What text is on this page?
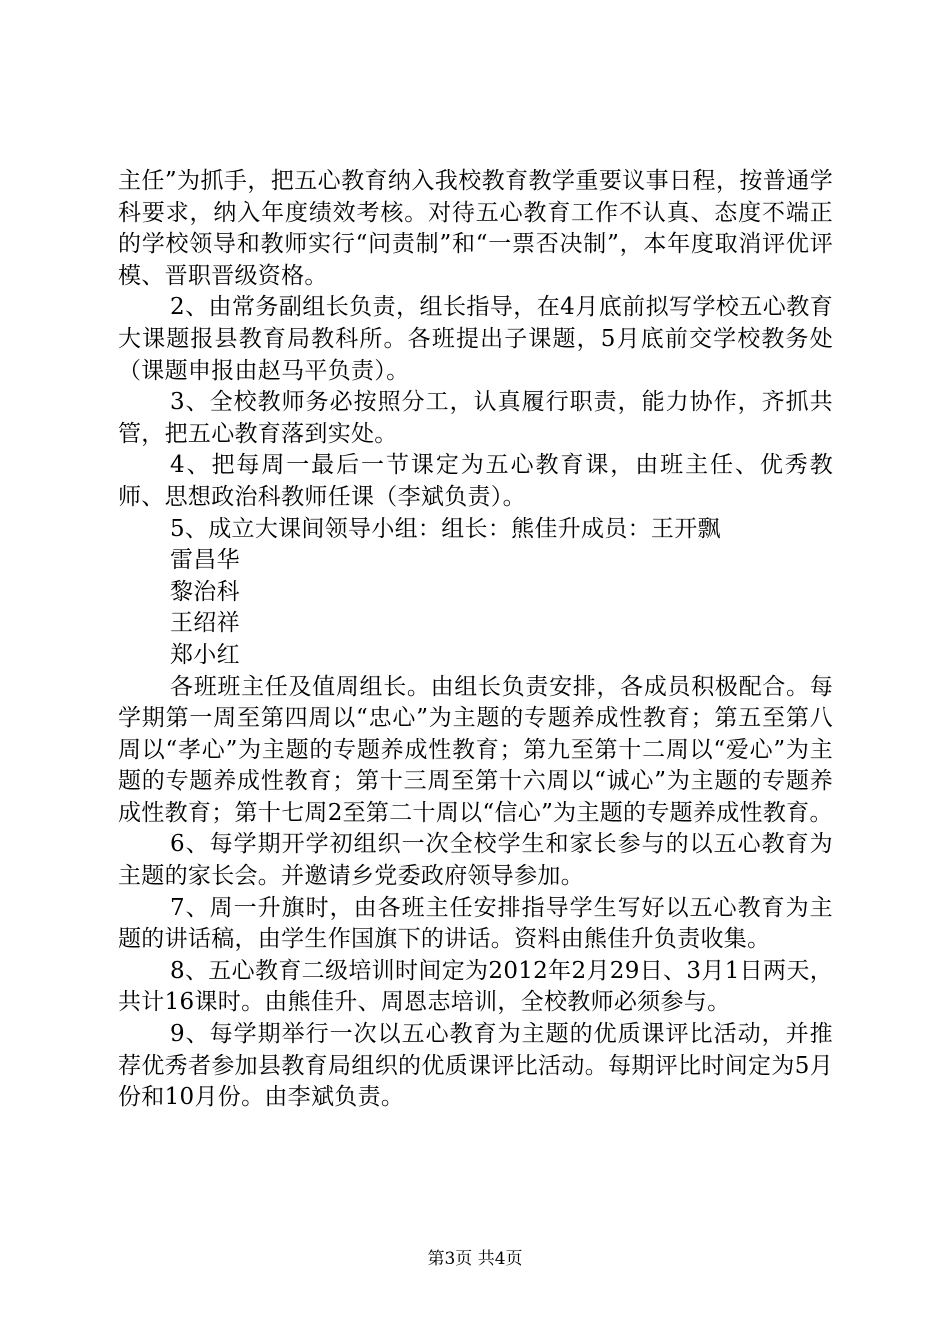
主任”为抓手，把五心教育纳入我校教育教学重要议事日程，按普通学科要求，纳入年度绩效考核。对待五心教育工作不认真、态度不端正的学校领导和教师实行“问责制”和“一票否决制”，本年度取消评优评模、晋职晋级资格。

2、由常务副组长负责，组长指导，在4月底前拟写学校五心教育大课题报县教育局教科所。各班提出子课题，5月底前交学校教务处（课题申报由赵马平负责）。

3、全校教师务必按照分工，认真履行职责，能力协作，齐抓共管，把五心教育落到实处。

4、把每周一最后一节课定为五心教育课，由班主任、优秀教师、思想政治科教师任课（李斌负责）。

5、成立大课间领导小组：组长：熊佳升成员：王开飘

雷昌华

黎治科

王绍祥

郑小红

各班班主任及值周组长。由组长负责安排，各成员积极配合。每学期第一周至第四周以“忠心”为主题的专题养成性教育；第五至第八周以“孝心”为主题的专题养成性教育；第九至第十二周以“爱心”为主题的专题养成性教育；第十三周至第十六周以“诚心”为主题的专题养成性教育；第十七周2至第二十周以“信心”为主题的专题养成性教育。

6、每学期开学初组织一次全校学生和家长参与的以五心教育为主题的家长会。并邀请乡党委政府领导参加。

7、周一升旗时，由各班主任安排指导学生写好以五心教育为主题的讲话稿，由学生作国旗下的讲话。资料由熊佳升负责收集。

8、五心教育二级培训时间定为2012年2月29日、3月1日两天，共计16课时。由熊佳升、周恩志培训，全校教师必须参与。

9、每学期举行一次以五心教育为主题的优质课评比活动，并推荐优秀者参加县教育局组织的优质课评比活动。每期评比时间定为5月份和10月份。由李斌负责。

第3页 共4页
